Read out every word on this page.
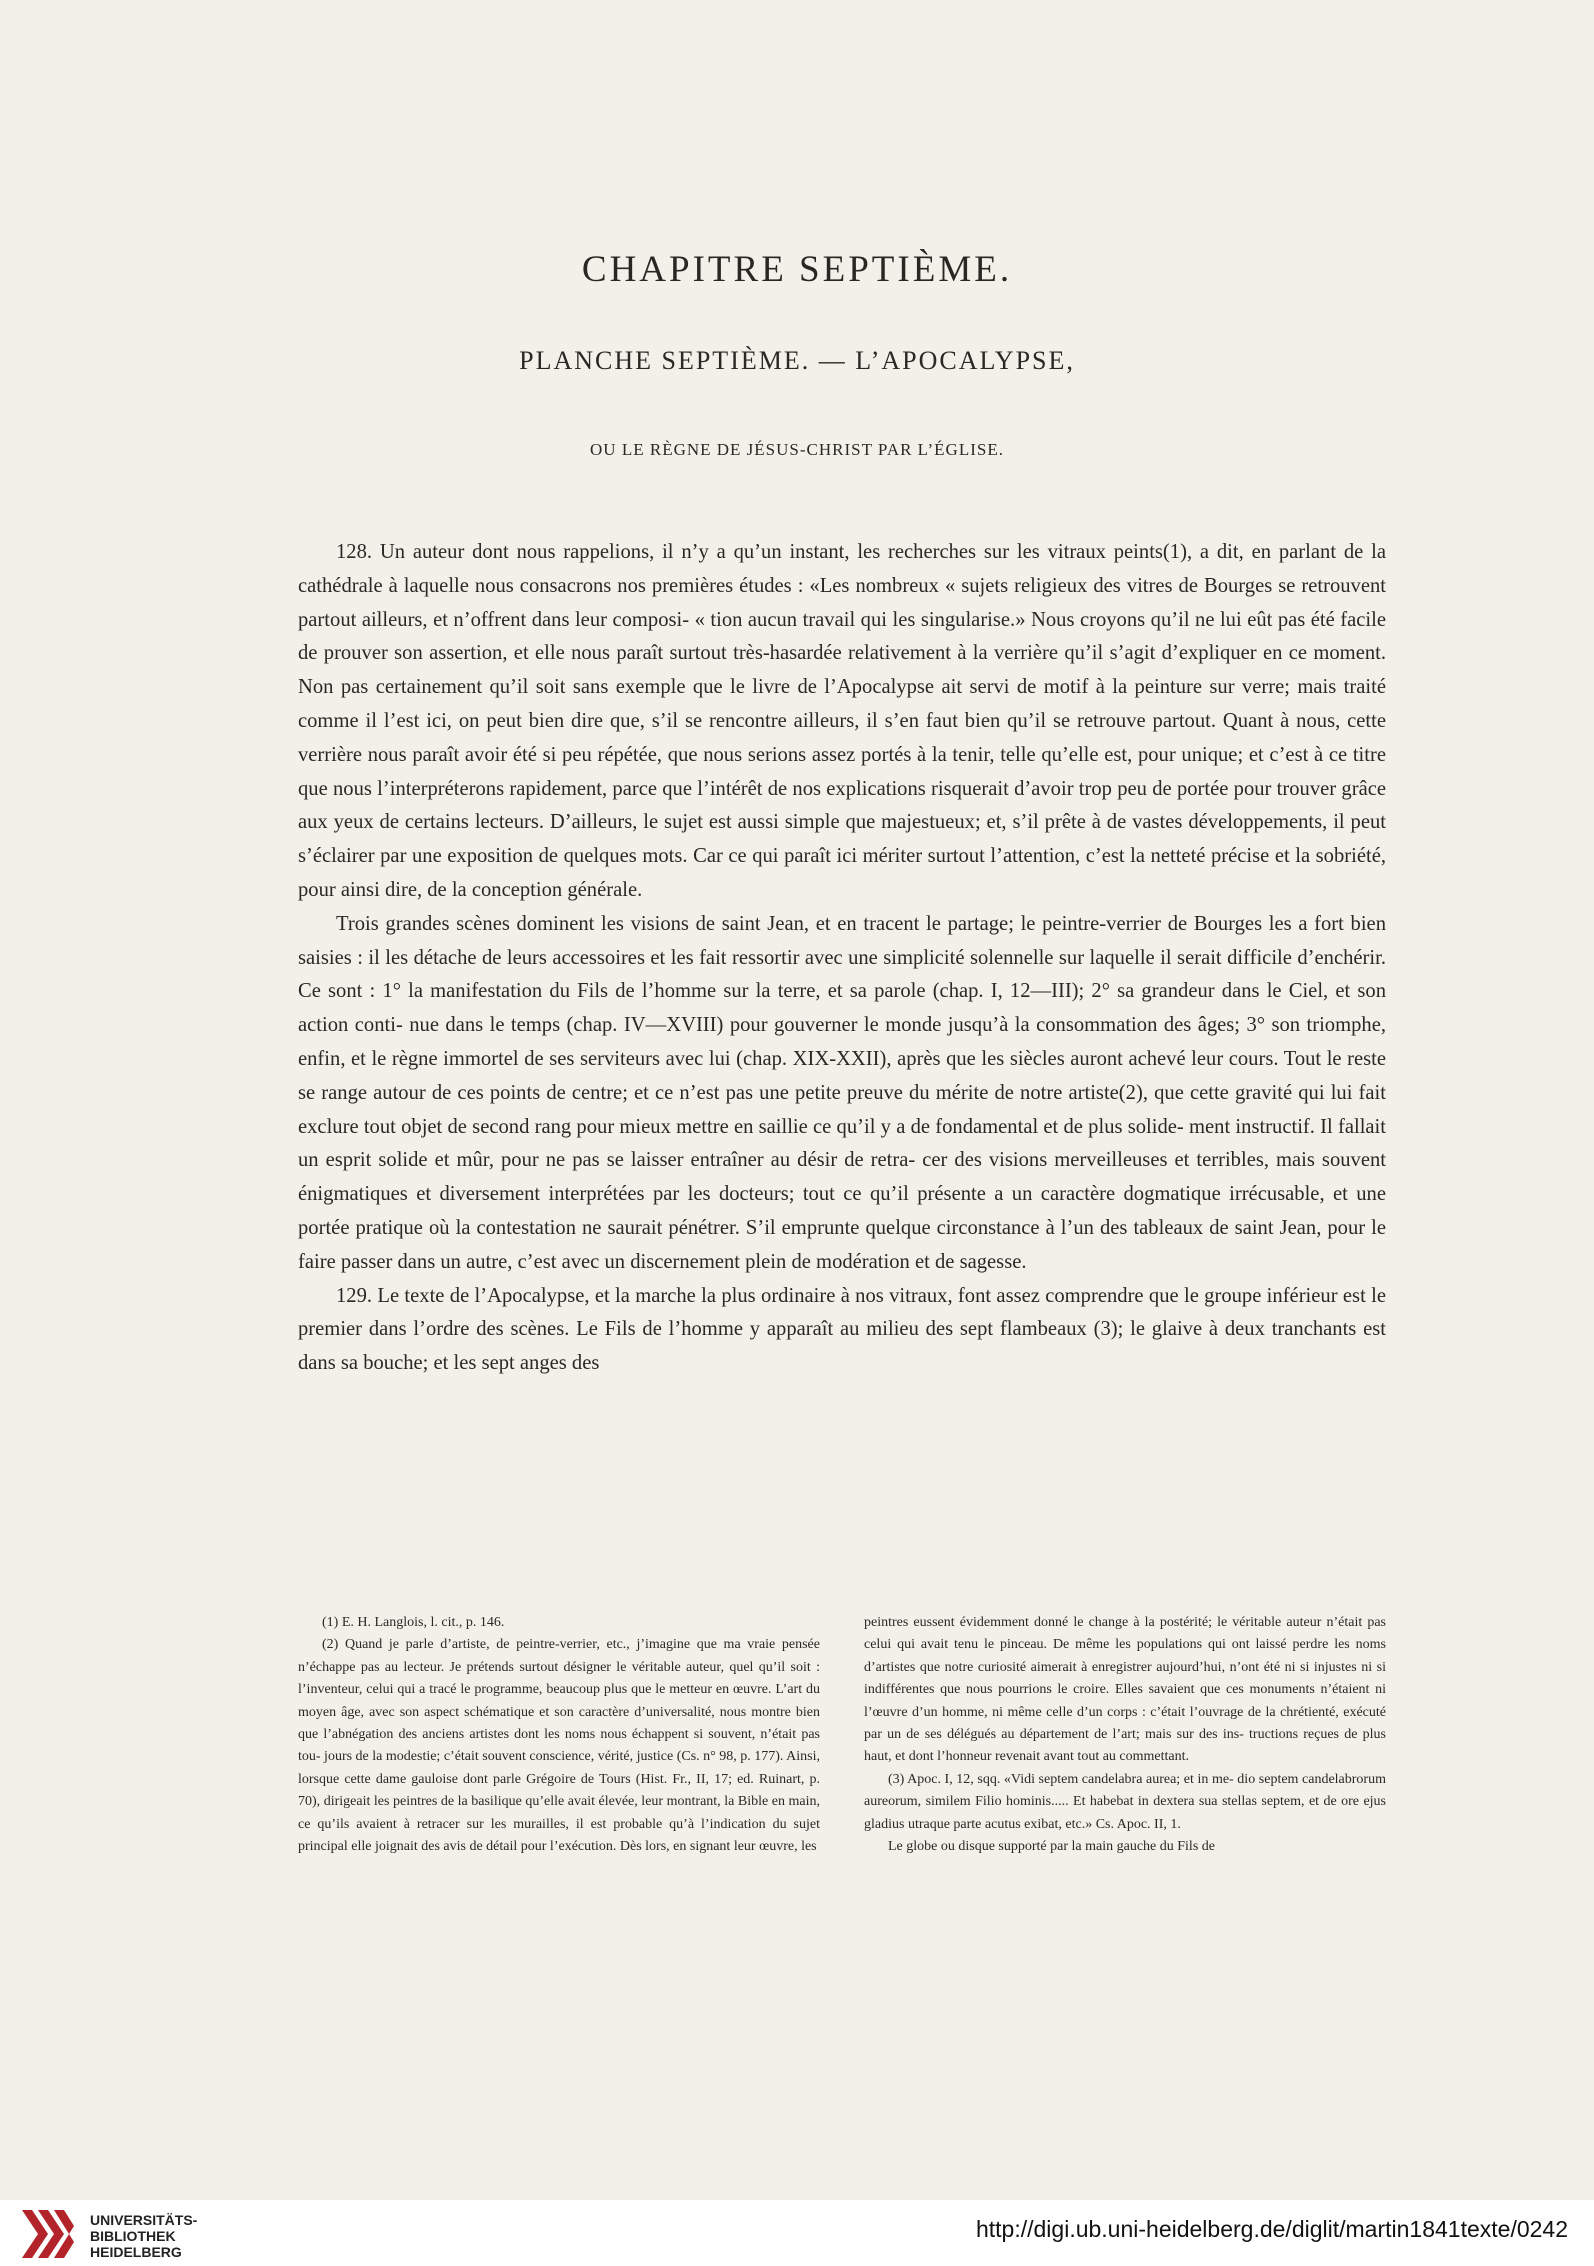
CHAPITRE SEPTIÈME.
PLANCHE SEPTIÈME. — L’APOCALYPSE,
OU LE RÈGNE DE JÉSUS-CHRIST PAR L’ÉGLISE.

128. Un auteur dont nous rappelions, il n’y a qu’un instant, les recherches sur les vitraux peints(1), a dit, en parlant de la cathédrale à laquelle nous consacrons nos premières études : «Les nombreux « sujets religieux des vitres de Bourges se retrouvent partout ailleurs, et n’offrent dans leur composi- « tion aucun travail qui les singularise.» Nous croyons qu’il ne lui eût pas été facile de prouver son assertion, et elle nous paraît surtout très-hasardée relativement à la verrière qu’il s’agit d’expliquer en ce moment. Non pas certainement qu’il soit sans exemple que le livre de l’Apocalypse ait servi de motif à la peinture sur verre; mais traité comme il l’est ici, on peut bien dire que, s’il se rencontre ailleurs, il s’en faut bien qu’il se retrouve partout. Quant à nous, cette verrière nous paraît avoir été si peu répétée, que nous serions assez portés à la tenir, telle qu’elle est, pour unique; et c’est à ce titre que nous l’interpréterons rapidement, parce que l’intérêt de nos explications risquerait d’avoir trop peu de portée pour trouver grâce aux yeux de certains lecteurs. D’ailleurs, le sujet est aussi simple que majestueux; et, s’il prête à de vastes développements, il peut s’éclairer par une exposition de quelques mots. Car ce qui paraît ici mériter surtout l’attention, c’est la netteté précise et la sobriété, pour ainsi dire, de la conception générale.

Trois grandes scènes dominent les visions de saint Jean, et en tracent le partage; le peintre-verrier de Bourges les a fort bien saisies : il les détache de leurs accessoires et les fait ressortir avec une simplicité solennelle sur laquelle il serait difficile d’enchérir. Ce sont : 1° la manifestation du Fils de l’homme sur la terre, et sa parole (chap. I, 12—III); 2° sa grandeur dans le Ciel, et son action conti- nue dans le temps (chap. IV—XVIII) pour gouverner le monde jusqu’à la consommation des âges; 3° son triomphe, enfin, et le règne immortel de ses serviteurs avec lui (chap. XIX-XXII), après que les siècles auront achevé leur cours. Tout le reste se range autour de ces points de centre; et ce n’est pas une petite preuve du mérite de notre artiste(2), que cette gravité qui lui fait exclure tout objet de second rang pour mieux mettre en saillie ce qu’il y a de fondamental et de plus solide- ment instructif. Il fallait un esprit solide et mûr, pour ne pas se laisser entraîner au désir de retra- cer des visions merveilleuses et terribles, mais souvent énigmatiques et diversement interprétées par les docteurs; tout ce qu’il présente a un caractère dogmatique irrécusable, et une portée pratique où la contestation ne saurait pénétrer. S’il emprunte quelque circonstance à l’un des tableaux de saint Jean, pour le faire passer dans un autre, c’est avec un discernement plein de modération et de sagesse.

129. Le texte de l’Apocalypse, et la marche la plus ordinaire à nos vitraux, font assez comprendre que le groupe inférieur est le premier dans l’ordre des scènes. Le Fils de l’homme y apparaît au milieu des sept flambeaux (3); le glaive à deux tranchants est dans sa bouche; et les sept anges des

(1) E. H. Langlois, l. cit., p. 146.

(2) Quand je parle d’artiste, de peintre-verrier, etc., j’imagine que ma vraie pensée n’échappe pas au lecteur. Je prétends surtout désigner le véritable auteur, quel qu’il soit : l’inventeur, celui qui a tracé le programme, beaucoup plus que le metteur en œuvre. L’art du moyen âge, avec son aspect schématique et son caractère d’universalité, nous montre bien que l’abnégation des anciens artistes dont les noms nous échappent si souvent, n’était pas tou- jours de la modestie; c’était souvent conscience, vérité, justice (Cs. n° 98, p. 177). Ainsi, lorsque cette dame gauloise dont parle Grégoire de Tours (Hist. Fr., II, 17; ed. Ruinart, p. 70), dirigeait les peintres de la basilique qu’elle avait élevée, leur montrant, la Bible en main, ce qu’ils avaient à retracer sur les murailles, il est probable qu’à l’indication du sujet principal elle joignait des avis de détail pour l’exécution. Dès lors, en signant leur œuvre, les

peintres eussent évidemment donné le change à la postérité; le véritable auteur n’était pas celui qui avait tenu le pinceau. De même les populations qui ont laissé perdre les noms d’artistes que notre curiosité aimerait à enregistrer aujourd’hui, n’ont été ni si injustes ni si indifférentes que nous pourrions le croire. Elles savaient que ces monuments n’étaient ni l’œuvre d’un homme, ni même celle d’un corps : c’était l’ouvrage de la chrétienté, exécuté par un de ses délégués au département de l’art; mais sur des ins- tructions reçues de plus haut, et dont l’honneur revenait avant tout au commettant.

(3) Apoc. I, 12, sqq. «Vidi septem candelabra aurea; et in me- dio septem candelabrorum aureorum, similem Filio hominis..... Et habebat in dextera sua stellas septem, et de ore ejus gladius utraque parte acutus exibat, etc.» Cs. Apoc. II, 1.

Le globe ou disque supporté par la main gauche du Fils de

UNIVERSITÄTS-
BIBLIOTHEK
HEIDELBERG
http://digi.ub.uni-heidelberg.de/diglit/martin1841texte/0242
